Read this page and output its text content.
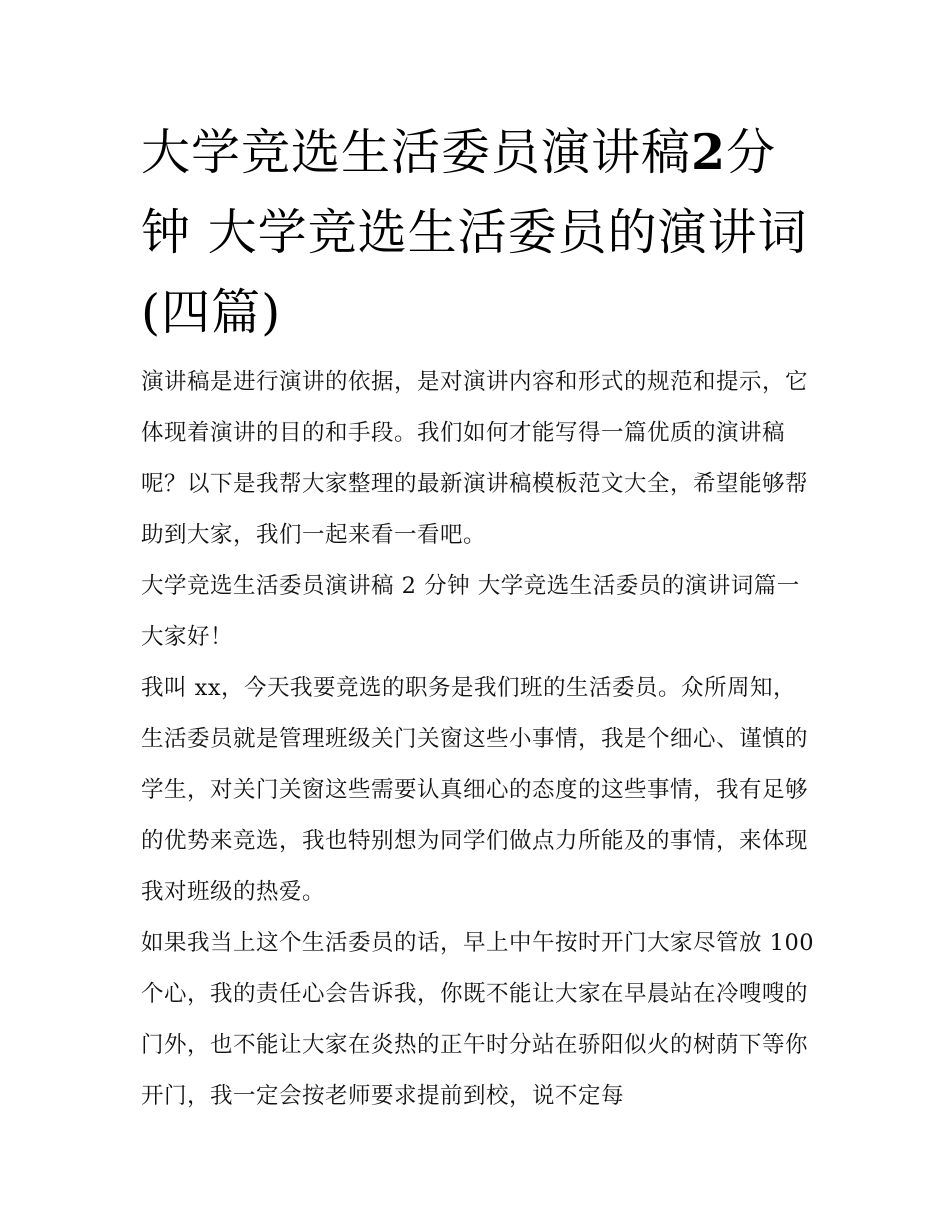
大学竞选生活委员演讲稿2分钟 大学竞选生活委员的演讲词(四篇)

演讲稿是进行演讲的依据，是对演讲内容和形式的规范和提示，它体现着演讲的目的和手段。我们如何才能写得一篇优质的演讲稿呢？以下是我帮大家整理的最新演讲稿模板范文大全，希望能够帮助到大家，我们一起来看一看吧。

大学竞选生活委员演讲稿 2 分钟 大学竞选生活委员的演讲词篇一 大家好！

我叫 xx，今天我要竞选的职务是我们班的生活委员。众所周知，生活委员就是管理班级关门关窗这些小事情，我是个细心、谨慎的学生，对关门关窗这些需要认真细心的态度的这些事情，我有足够的优势来竞选，我也特别想为同学们做点力所能及的事情，来体现我对班级的热爱。

如果我当上这个生活委员的话，早上中午按时开门大家尽管放 100 个心，我的责任心会告诉我，你既不能让大家在早晨站在冷嗖嗖的门外，也不能让大家在炎热的正午时分站在骄阳似火的树荫下等你开门，我一定会按老师要求提前到校，说不定每
